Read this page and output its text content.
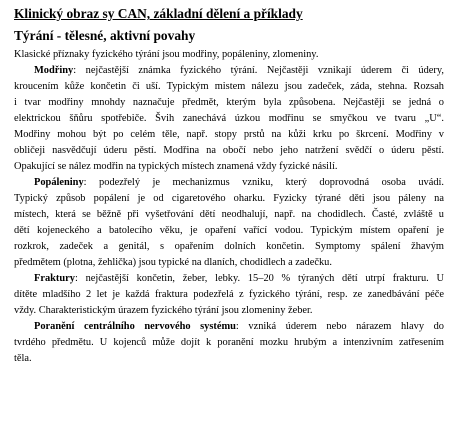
Klinický obraz sy CAN, základní dělení a příklady
Týrání - tělesné, aktivní povahy
Klasické příznaky fyzického týrání jsou modřiny, popáleniny, zlomeniny.
Modřiny: nejčastější známka fyzického týrání. Nejčastěji vznikají úderem či údery,
kroucením kůže končetin či uší. Typickým mistem nálezu jsou zadeček, záda, stehna. Rozsah
i tvar modřiny mnohdy naznačuje předmět, kterým byla způsobena. Nejčastěji se jedná o
elektrickou šňůru spotřebiče. Švih zanechává úzkou modřinu se smyčkou ve tvaru „U“.
Modřiny mohou být po celém těle, např. stopy prstů na kůži krku po škrcení. Modřiny v
obličeji nasvědčují úderu pěstí. Modřina na obočí nebo jeho natržení svědčí o úderu pěstí.
Opakující se nález modřin na typických místech znamená vždy fyzické násilí.
Popáleniny: podezřelý je mechanizmus vzniku, který doprovodná osoba uvádí.
Typický způsob popálení je od cigaretového oharku. Fyzicky týrané děti jsou páleny na
místech, která se běžně při vyšetřování dětí neodhalují, např. na chodidlech. Časté, zvláště u
dětí kojeneckého a batolecího věku, je opaření vařící vodou. Typickým místem opaření je
rozkrok, zadeček a genitál, s opařením dolních končetin. Symptomy spálení žhavým
předmětem (plotna, žehlička) jsou typické na dlaních, chodidlech a zadečku.
Fraktury: nejčastější končetin, žeber, lebky. 15–20 % týraných dětí utrpí frakturu. U
dítěte mladšího 2 let je každá fraktura podezřelá z fyzického týrání, resp. ze zanedbávání péče
vždy. Charakteristickým úrazem fyzického týrání jsou zlomeniny žeber.
Poranění centrálního nervového systému: vzniká úderem nebo nárazem hlavy do
tvrdého předmětu. U kojenců může dojít k poranění mozku hrubým a intenzivním zatřesením
těla.
